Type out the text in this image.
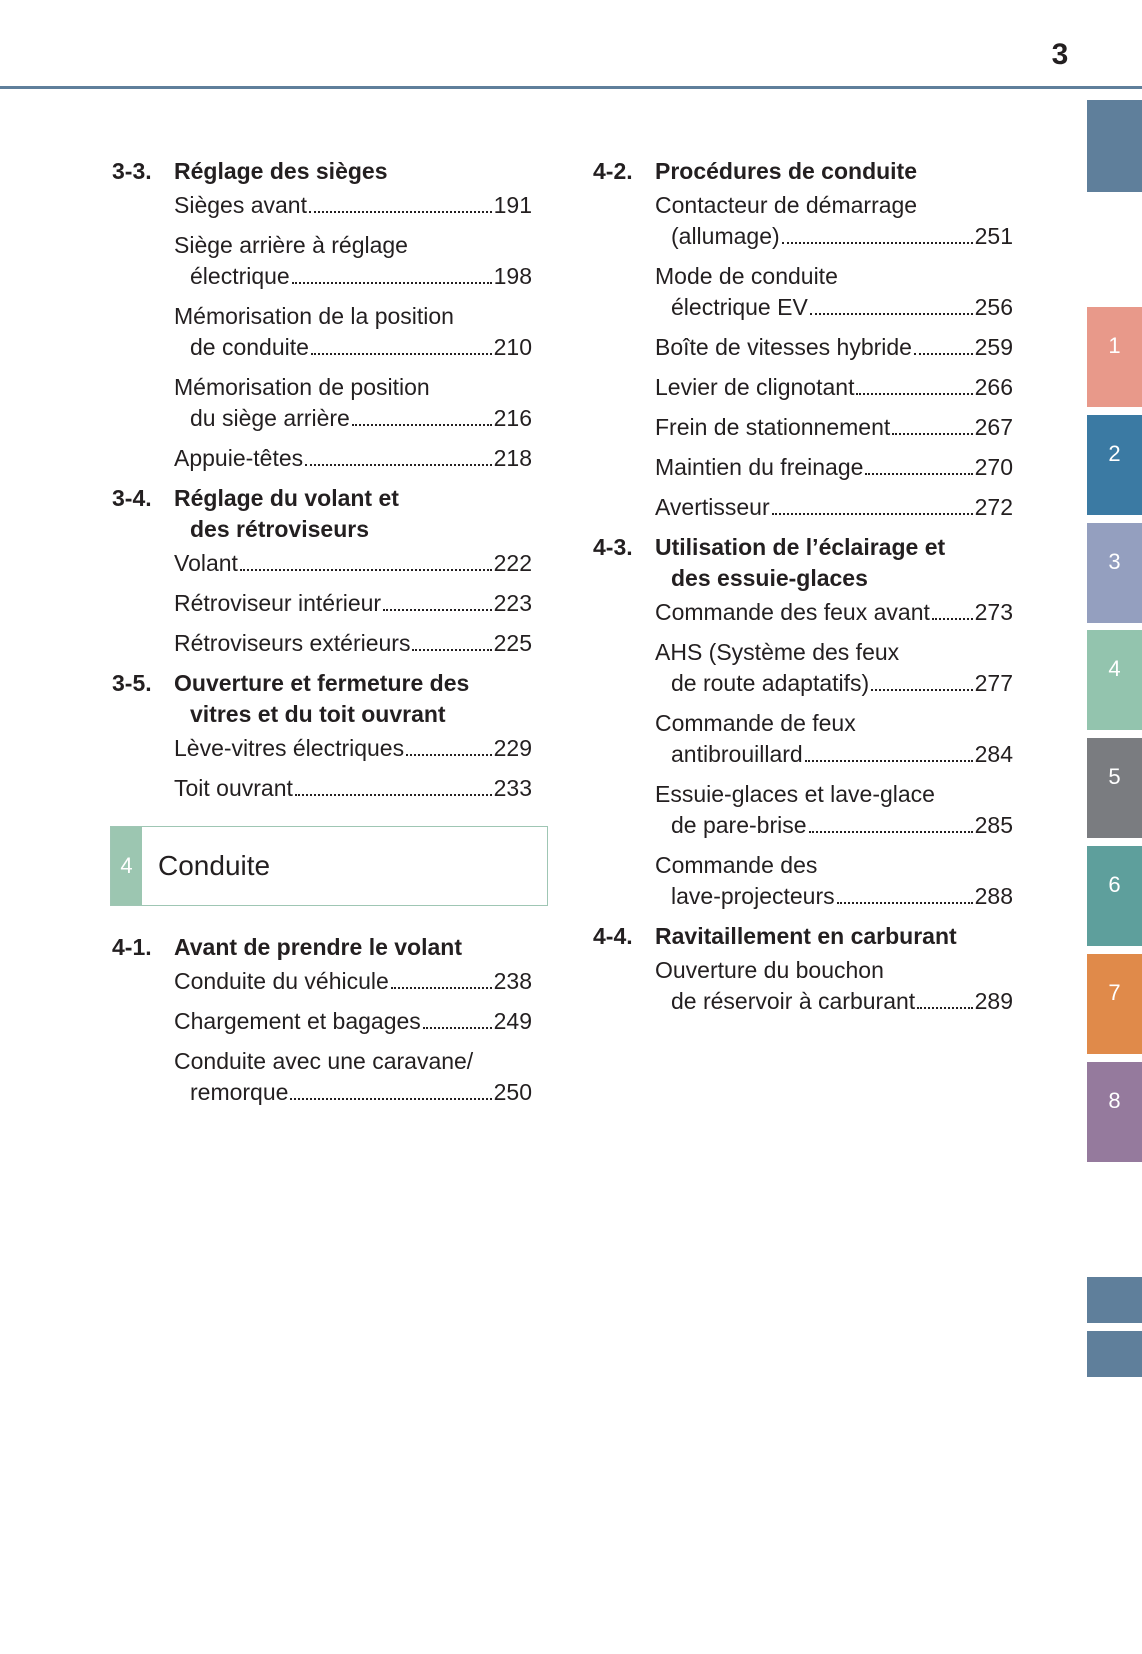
3
3-3. Réglage des sièges
Sièges avant	191
Siège arrière à réglage
électrique	198
Mémorisation de la position
de conduite	210
Mémorisation de position
du siège arrière	216
Appuie-têtes	218
3-4. Réglage du volant et
des rétroviseurs
Volant	222
Rétroviseur intérieur	223
Rétroviseurs extérieurs	225
3-5. Ouverture et fermeture des
vitres et du toit ouvrant
Lève-vitres électriques	229
Toit ouvrant	233
4 Conduite
4-1. Avant de prendre le volant
Conduite du véhicule	238
Chargement et bagages	249
Conduite avec une caravane/
remorque	250
4-2. Procédures de conduite
Contacteur de démarrage
(allumage)	251
Mode de conduite
électrique EV	256
Boîte de vitesses hybride	259
Levier de clignotant	266
Frein de stationnement	267
Maintien du freinage	270
Avertisseur	272
4-3. Utilisation de l’éclairage et
des essuie-glaces
Commande des feux avant 273
AHS (Système des feux
de route adaptatifs)	277
Commande de feux
antibrouillard	284
Essuie-glaces et lave-glace
de pare-brise	285
Commande des
lave-projecteurs	288
4-4. Ravitaillement en carburant
Ouverture du bouchon
de réservoir à carburant	289
1
2
3
4
5
6
7
8
